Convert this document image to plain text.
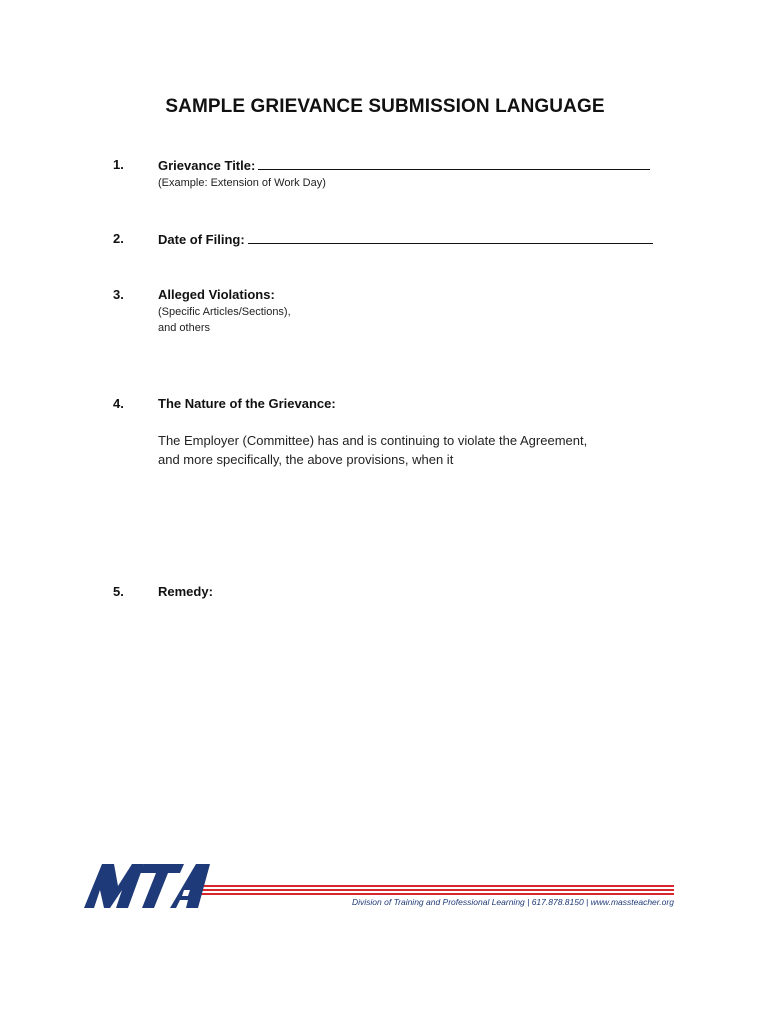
SAMPLE GRIEVANCE SUBMISSION LANGUAGE
1.	Grievance Title:
(Example: Extension of Work Day)
2.	Date of Filing:
3.	Alleged Violations:
(Specific Articles/Sections),
and others
4.	The Nature of the Grievance:
The Employer (Committee) has and is continuing to violate the Agreement,
and more specifically, the above provisions, when it
5.	Remedy:
Division of Training and Professional Learning | 617.878.8150 | www.massteacher.org
